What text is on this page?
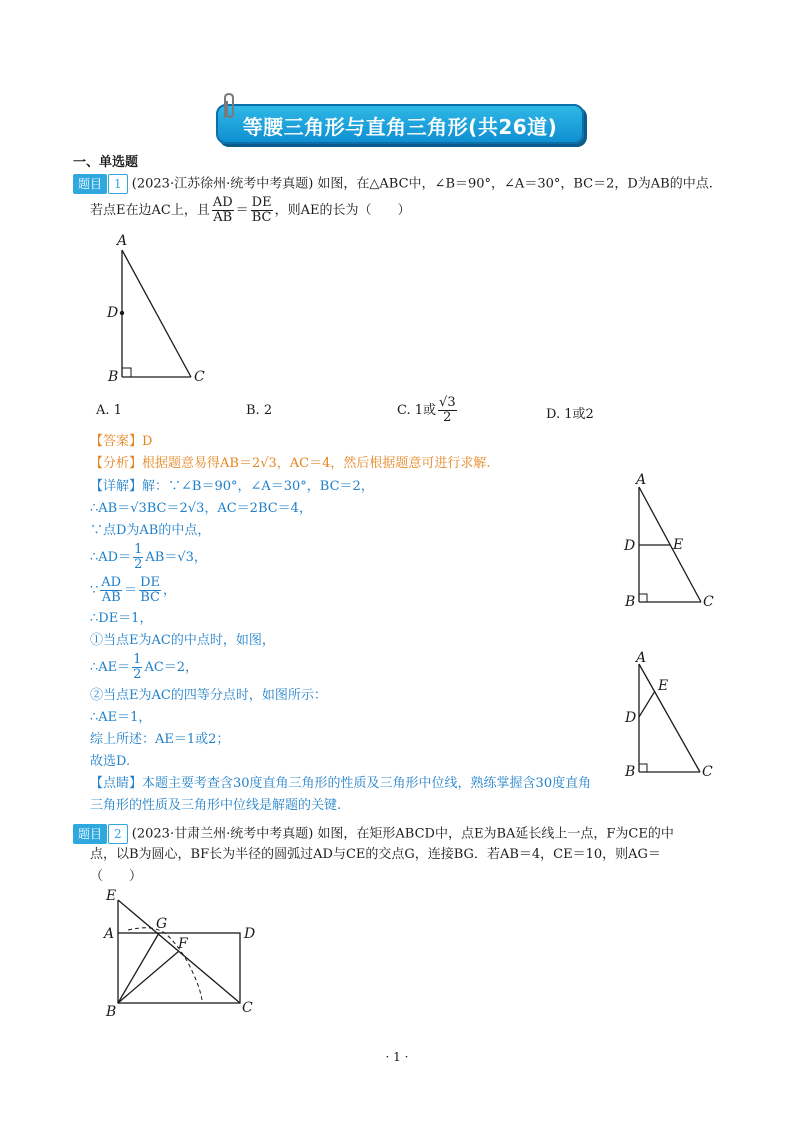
等腰三角形与直角三角形(共26道)
一、单选题
题目 1 (2023·江苏徐州·统考中考真题) 如图，在△ABC中，∠B＝90°，∠A＝30°，BC＝2，D为AB的中点.
若点E在边AC上，且 $\frac{AD}{AB} = \frac{DE}{BC}$ ，则AE的长为（　　）
A
D
B	C
A. 1	B. 2	C. 1或 $\frac{√3}{2}$	D. 1或2
【答案】D
【分析】根据题意易得AB＝2√3，AC＝4，然后根据题意可进行求解.
【详解】解：∵∠B＝90°，∠A＝30°，BC＝2，
∴AB＝√3BC＝2√3，AC＝2BC＝4，
∵点D为AB的中点，
∴AD＝ $\frac{1}{2} AB=√3$，
∵ $\frac{AD}{AB} = \frac{DE}{BC}$ ，
∴DE＝1，
①当点E为AC的中点时，如图，
∴AE＝ $\frac{1}{2} AC=2$，
②当点E为AC的四等分点时，如图所示：
∴AE＝1，
综上所述：AE＝1或2；
故选D.
【点睛】本题主要考查含30度直角三角形的性质及三角形中位线，熟练掌握含30度直角
三角形的性质及三角形中位线是解题的关键.
A
D	E
B	C
A
E
D
B	C
题目 2 (2023·甘肃兰州·统考中考真题) 如图，在矩形ABCD中，点E为BA延长线上一点，F为CE的中
点，以B为圆心，BF长为半径的圆弧过AD与CE的交点G，连接BG．若AB＝4，CE＝10，则AG＝
（　　）
E
A
G
F
D
B	C
· 1 ·
